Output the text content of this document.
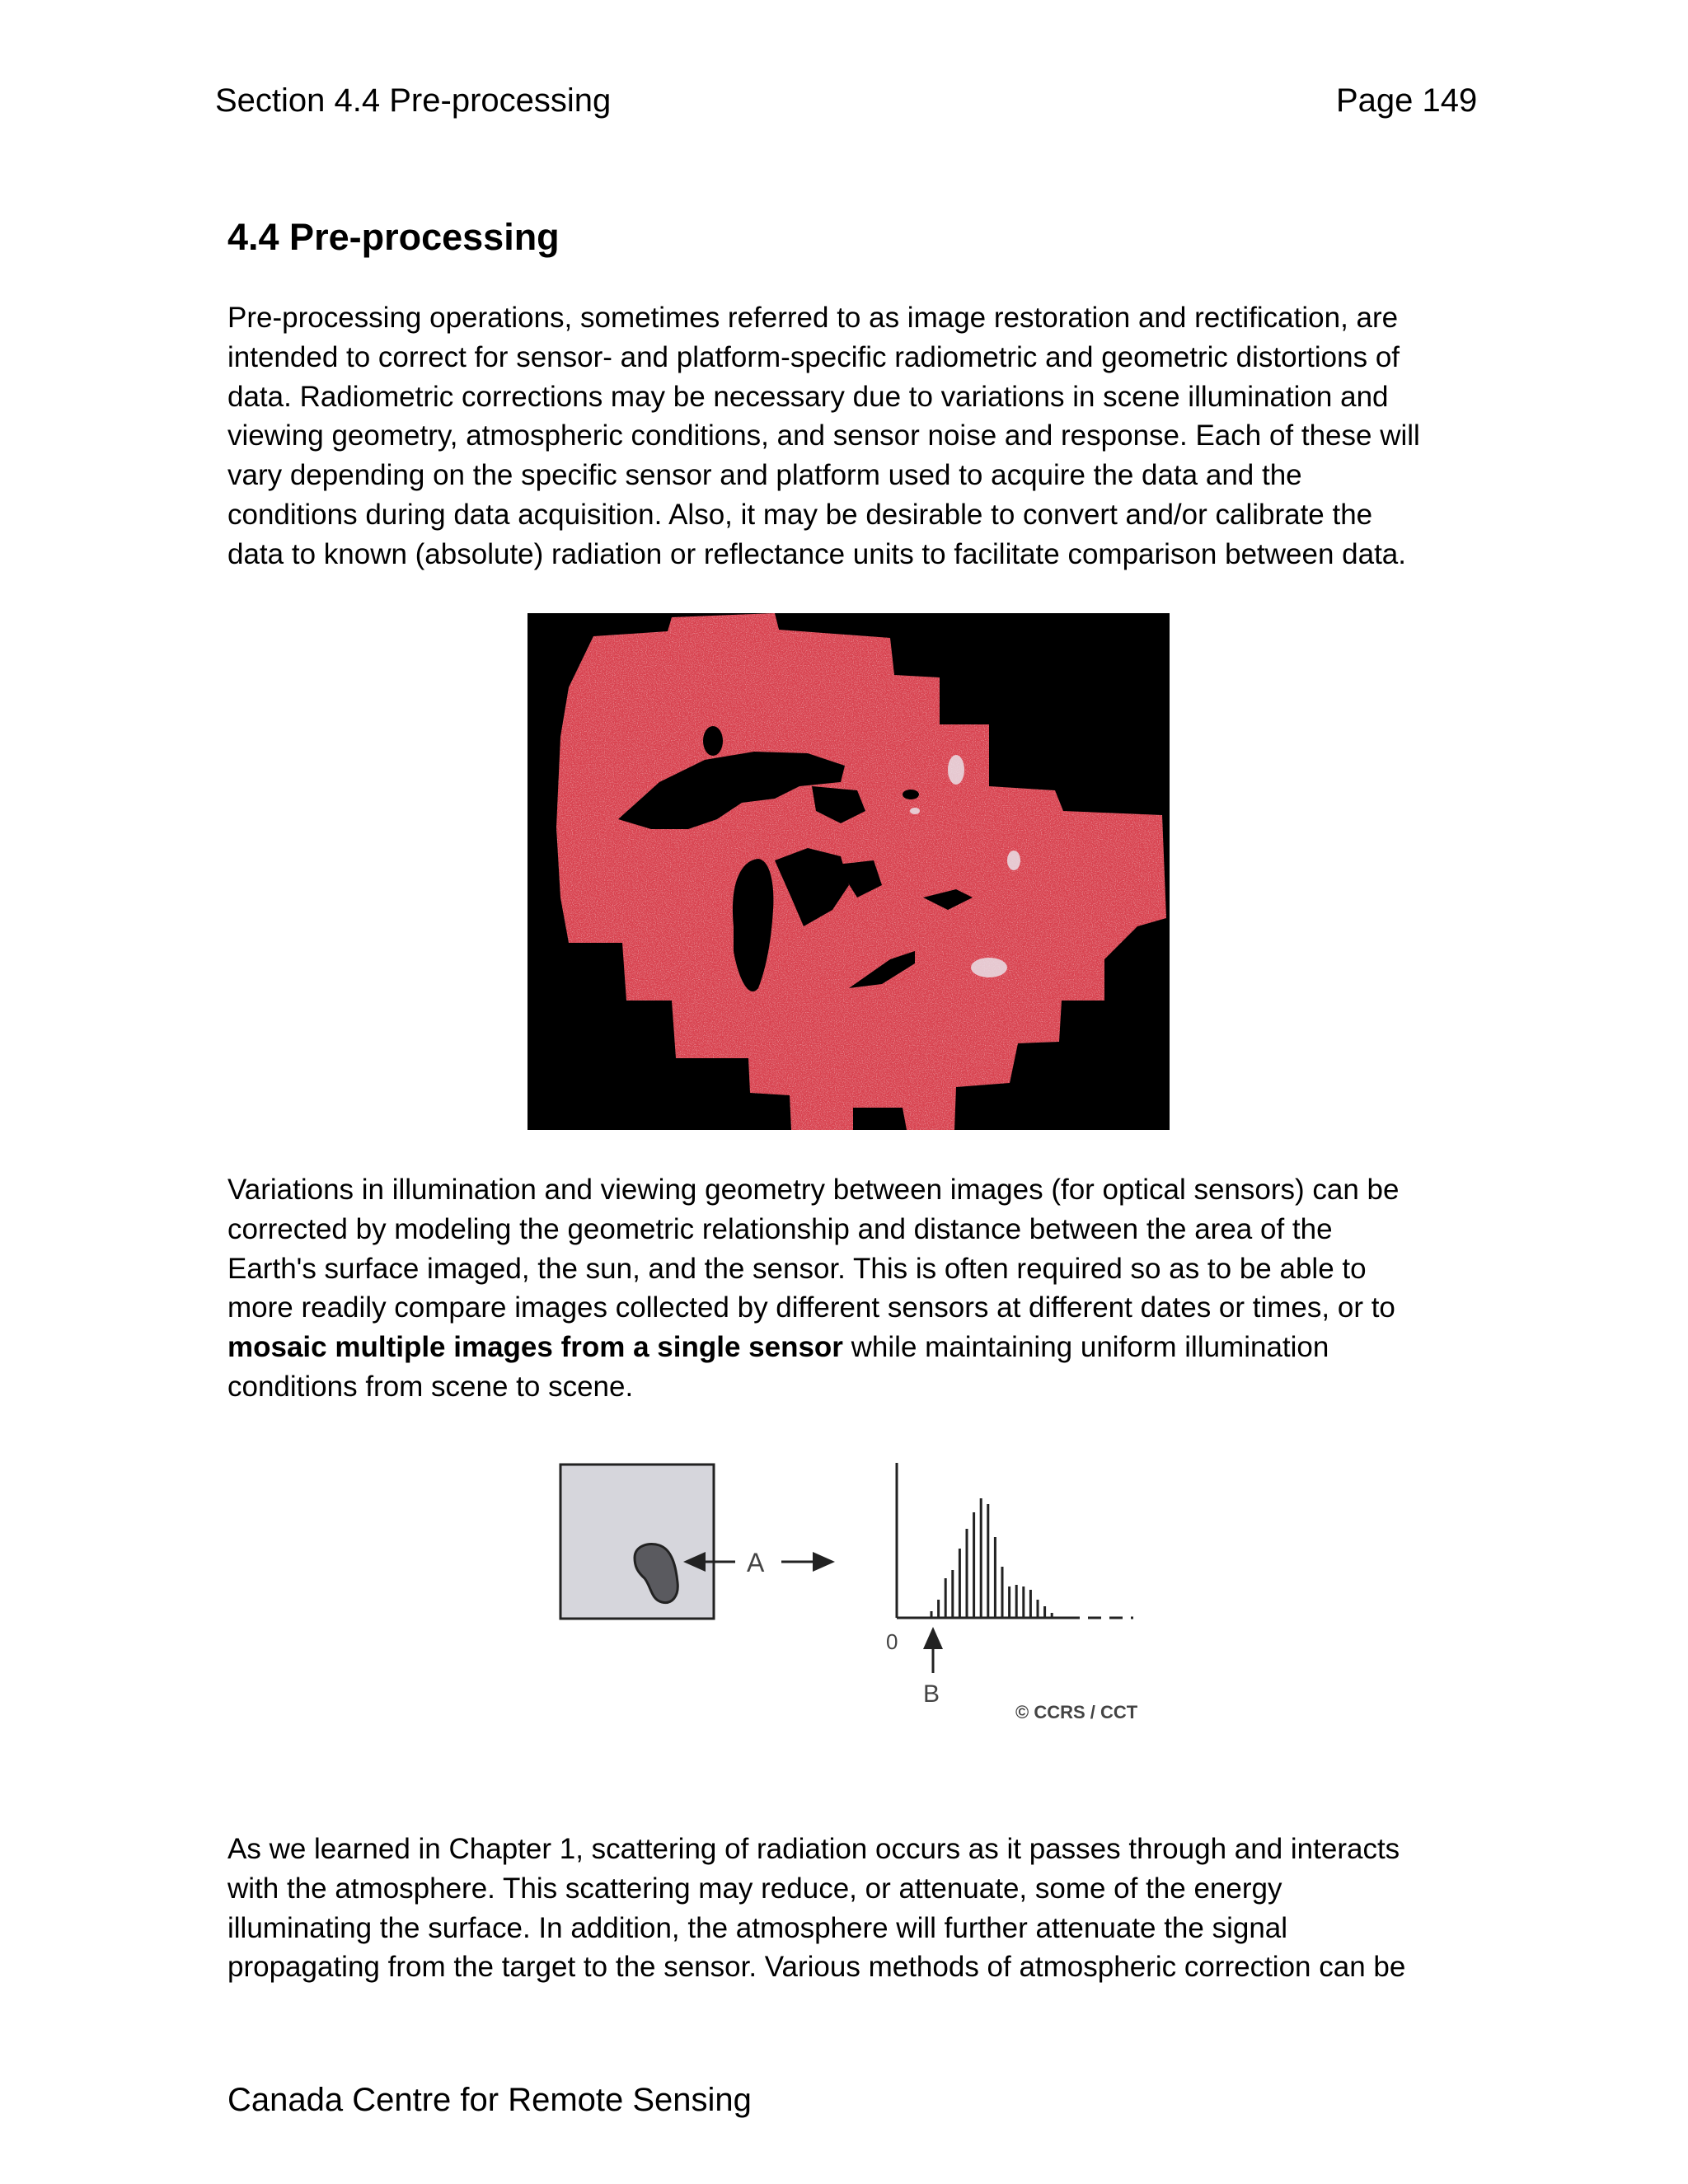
Section 4.4 Pre-processing	Page 149
4.4 Pre-processing

Pre-processing operations, sometimes referred to as image restoration and rectification, are
intended to correct for sensor- and platform-specific radiometric and geometric distortions of
data. Radiometric corrections may be necessary due to variations in scene illumination and
viewing geometry, atmospheric conditions, and sensor noise and response. Each of these will
vary depending on the specific sensor and platform used to acquire the data and the
conditions during data acquisition. Also, it may be desirable to convert and/or calibrate the
data to known (absolute) radiation or reflectance units to facilitate comparison between data.

Variations in illumination and viewing geometry between images (for optical sensors) can be
corrected by modeling the geometric relationship and distance between the area of the
Earth's surface imaged, the sun, and the sensor. This is often required so as to be able to
more readily compare images collected by different sensors at different dates or times, or to
mosaic multiple images from a single sensor while maintaining uniform illumination
conditions from scene to scene.

A
0
B
© CCRS / CCT

As we learned in Chapter 1, scattering of radiation occurs as it passes through and interacts
with the atmosphere. This scattering may reduce, or attenuate, some of the energy
illuminating the surface. In addition, the atmosphere will further attenuate the signal
propagating from the target to the sensor. Various methods of atmospheric correction can be

Canada Centre for Remote Sensing
